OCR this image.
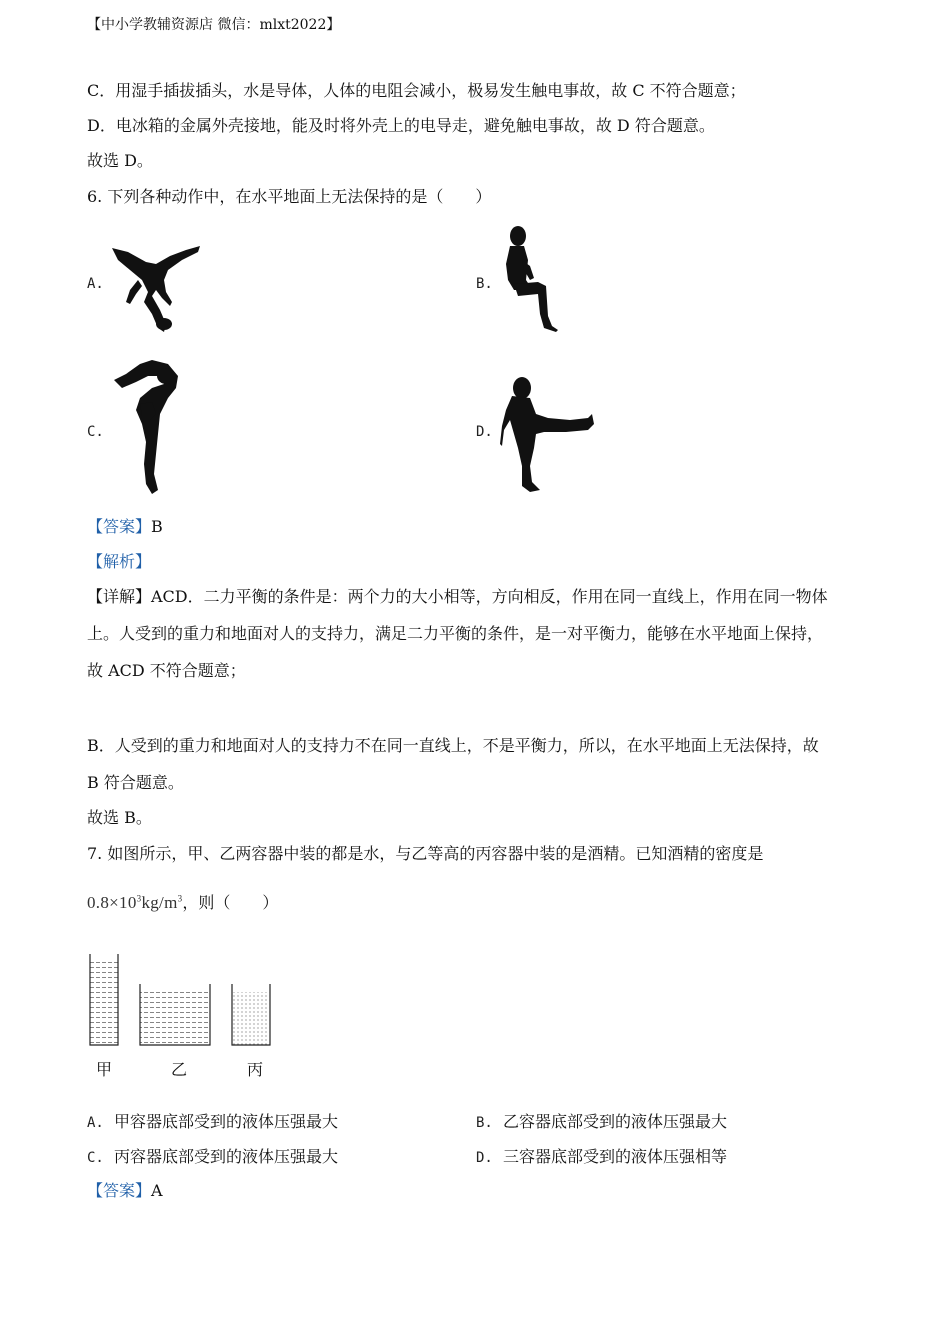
【中小学教辅资源店 微信：mlxt2022】
C．用湿手插拔插头，水是导体，人体的电阻会减小，极易发生触电事故，故 C 不符合题意；
D．电冰箱的金属外壳接地，能及时将外壳上的电导走，避免触电事故，故 D 符合题意。
故选 D。
6. 下列各种动作中，在水平地面上无法保持的是（　　）
A.	B.
C.	D.
【答案】B
【解析】
【详解】ACD．二力平衡的条件是：两个力的大小相等，方向相反，作用在同一直线上，作用在同一物体
上。人受到的重力和地面对人的支持力，满足二力平衡的条件，是一对平衡力，能够在水平地面上保持，
故 ACD 不符合题意；
B．人受到的重力和地面对人的支持力不在同一直线上，不是平衡力，所以，在水平地面上无法保持，故
B 符合题意。
故选 B。
7. 如图所示，甲、乙两容器中装的都是水，与乙等高的丙容器中装的是酒精。已知酒精的密度是
$0.8\times 10^3kg/m^3$，则（　　）
甲	乙	丙
A. 甲容器底部受到的液体压强最大	B. 乙容器底部受到的液体压强最大
C. 丙容器底部受到的液体压强最大	D. 三容器底部受到的液体压强相等
【答案】A
